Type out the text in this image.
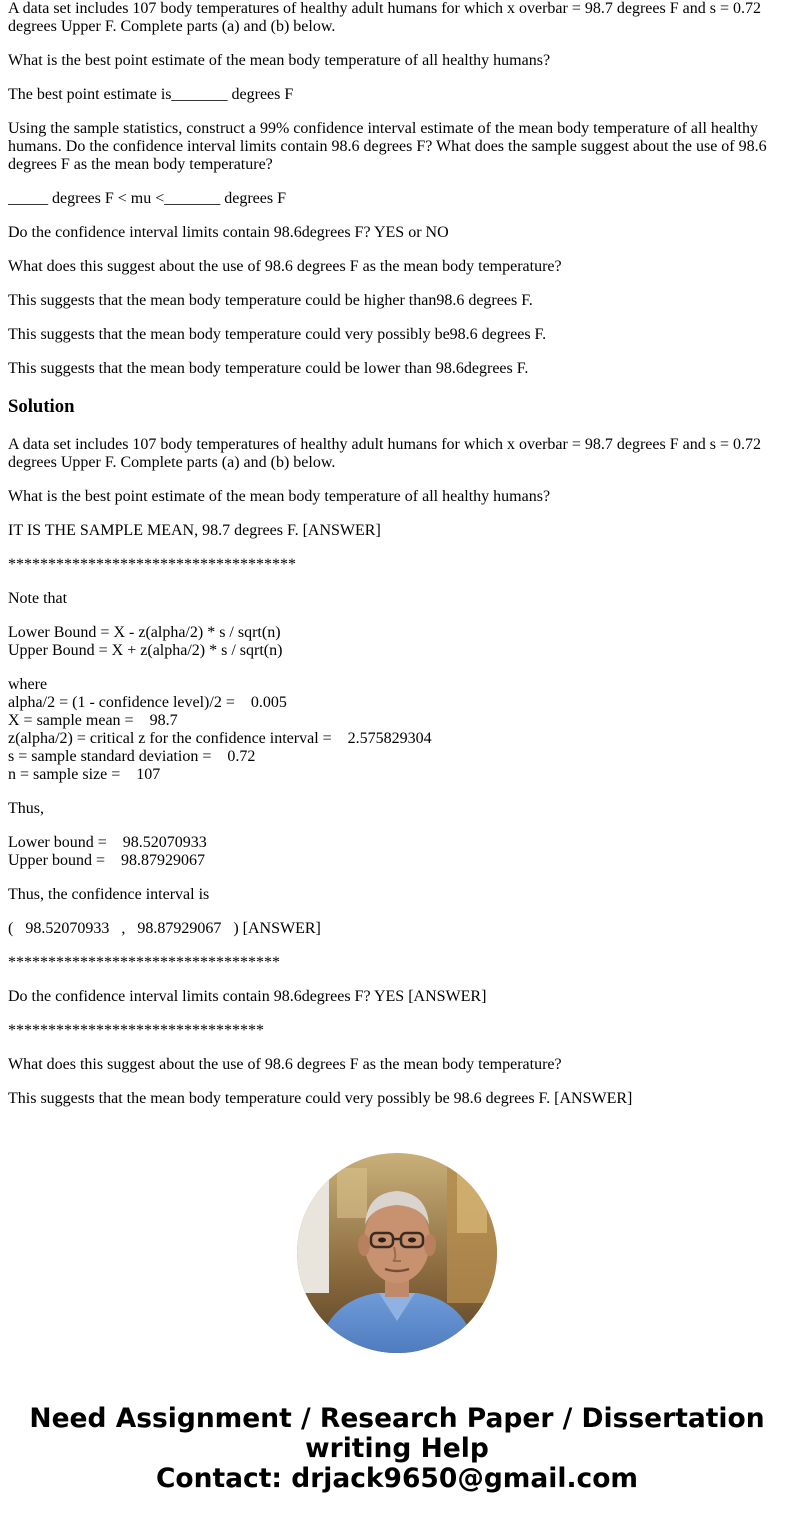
A data set includes 107 body temperatures of healthy adult humans for which x overbar = 98.7 degrees F and s = 0.72 degrees Upper F. Complete parts (a) and (b) below.

What is the best point estimate of the mean body temperature of all healthy humans?

The best point estimate is_______ degrees F

Using the sample statistics, construct a 99% confidence interval estimate of the mean body temperature of all healthy humans. Do the confidence interval limits contain 98.6 degrees F? What does the sample suggest about the use of 98.6 degrees F as the mean body temperature?

_____ degrees F < mu <_______ degrees F

Do the confidence interval limits contain 98.6degrees F? YES or NO

What does this suggest about the use of 98.6 degrees F as the mean body temperature?

This suggests that the mean body temperature could be higher than98.6 degrees F.

This suggests that the mean body temperature could very possibly be98.6 degrees F.

This suggests that the mean body temperature could be lower than 98.6degrees F.

Solution

A data set includes 107 body temperatures of healthy adult humans for which x overbar = 98.7 degrees F and s = 0.72 degrees Upper F. Complete parts (a) and (b) below.

What is the best point estimate of the mean body temperature of all healthy humans?

IT IS THE SAMPLE MEAN, 98.7 degrees F. [ANSWER]

************************************

Note that

Lower Bound = X - z(alpha/2) * s / sqrt(n)

Upper Bound = X + z(alpha/2) * s / sqrt(n)

where

alpha/2 = (1 - confidence level)/2 =    0.005

X = sample mean =    98.7

z(alpha/2) = critical z for the confidence interval =    2.575829304

s = sample standard deviation =    0.72

n = sample size =    107

Thus,

Lower bound =    98.52070933

Upper bound =    98.87929067

Thus, the confidence interval is

(   98.52070933   ,   98.87929067   ) [ANSWER]

**********************************

Do the confidence interval limits contain 98.6degrees F? YES [ANSWER]

********************************

What does this suggest about the use of 98.6 degrees F as the mean body temperature?

This suggests that the mean body temperature could very possibly be 98.6 degrees F. [ANSWER]

Need Assignment / Research Paper / Dissertation
writing Help
Contact: drjack9650@gmail.com
